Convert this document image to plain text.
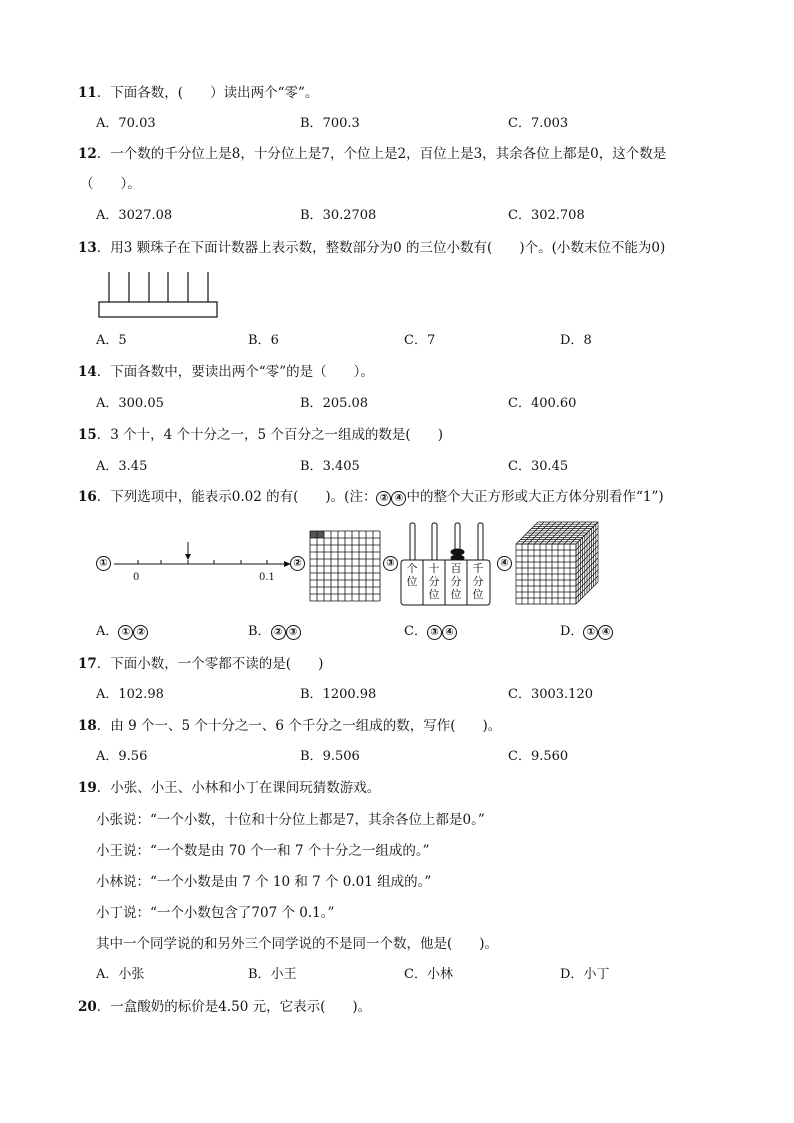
11．下面各数，(　　）读出两个“零”。
A．70.03	B．700.3	C．7.003
12．一个数的千分位上是8，十分位上是7，个位上是2，百位上是3，其余各位上都是0，这个数是
（　　）。
A．3027.08	B．30.2708	C．302.708
13．用3 颗珠子在下面计数器上表示数，整数部分为0 的三位小数有(　　)个。(小数末位不能为0)
A．5	B．6	C．7	D．8
14．下面各数中，要读出两个“零”的是（　　）。
A．300.05	B．205.08	C．400.60
15．3 个十，4 个十分之一，5 个百分之一组成的数是(　　)
A．3.45	B．3.405	C．30.45
16．下列选项中，能表示0.02 的有(　　)。(注： ② ④ 中的整个大正方形或大正方体分别看作“1”)
①
0	0.1
②	③	个
位
十
分
位
百
分
位
千
分
位
④
A． ① ②	B． ② ③	C． ③ ④	D． ① ④
17．下面小数，一个零都不读的是(　　)
A．102.98	B．1200.98	C．3003.120
18．由 9 个一、5 个十分之一、6 个千分之一组成的数，写作(　　)。
A．9.56	B．9.506	C．9.560
19．小张、小王、小林和小丁在课间玩猜数游戏。
小张说：“一个小数，十位和十分位上都是7，其余各位上都是0。”
小王说：“一个数是由 70 个一和 7 个十分之一组成的。”
小林说：“一个小数是由 7 个 10 和 7 个 0.01 组成的。”
小丁说：“一个小数包含了707 个 0.1。”
其中一个同学说的和另外三个同学说的不是同一个数，他是(　　)。
A．小张	B．小王	C．小林	D．小丁
20．一盒酸奶的标价是4.50 元，它表示(　　)。
